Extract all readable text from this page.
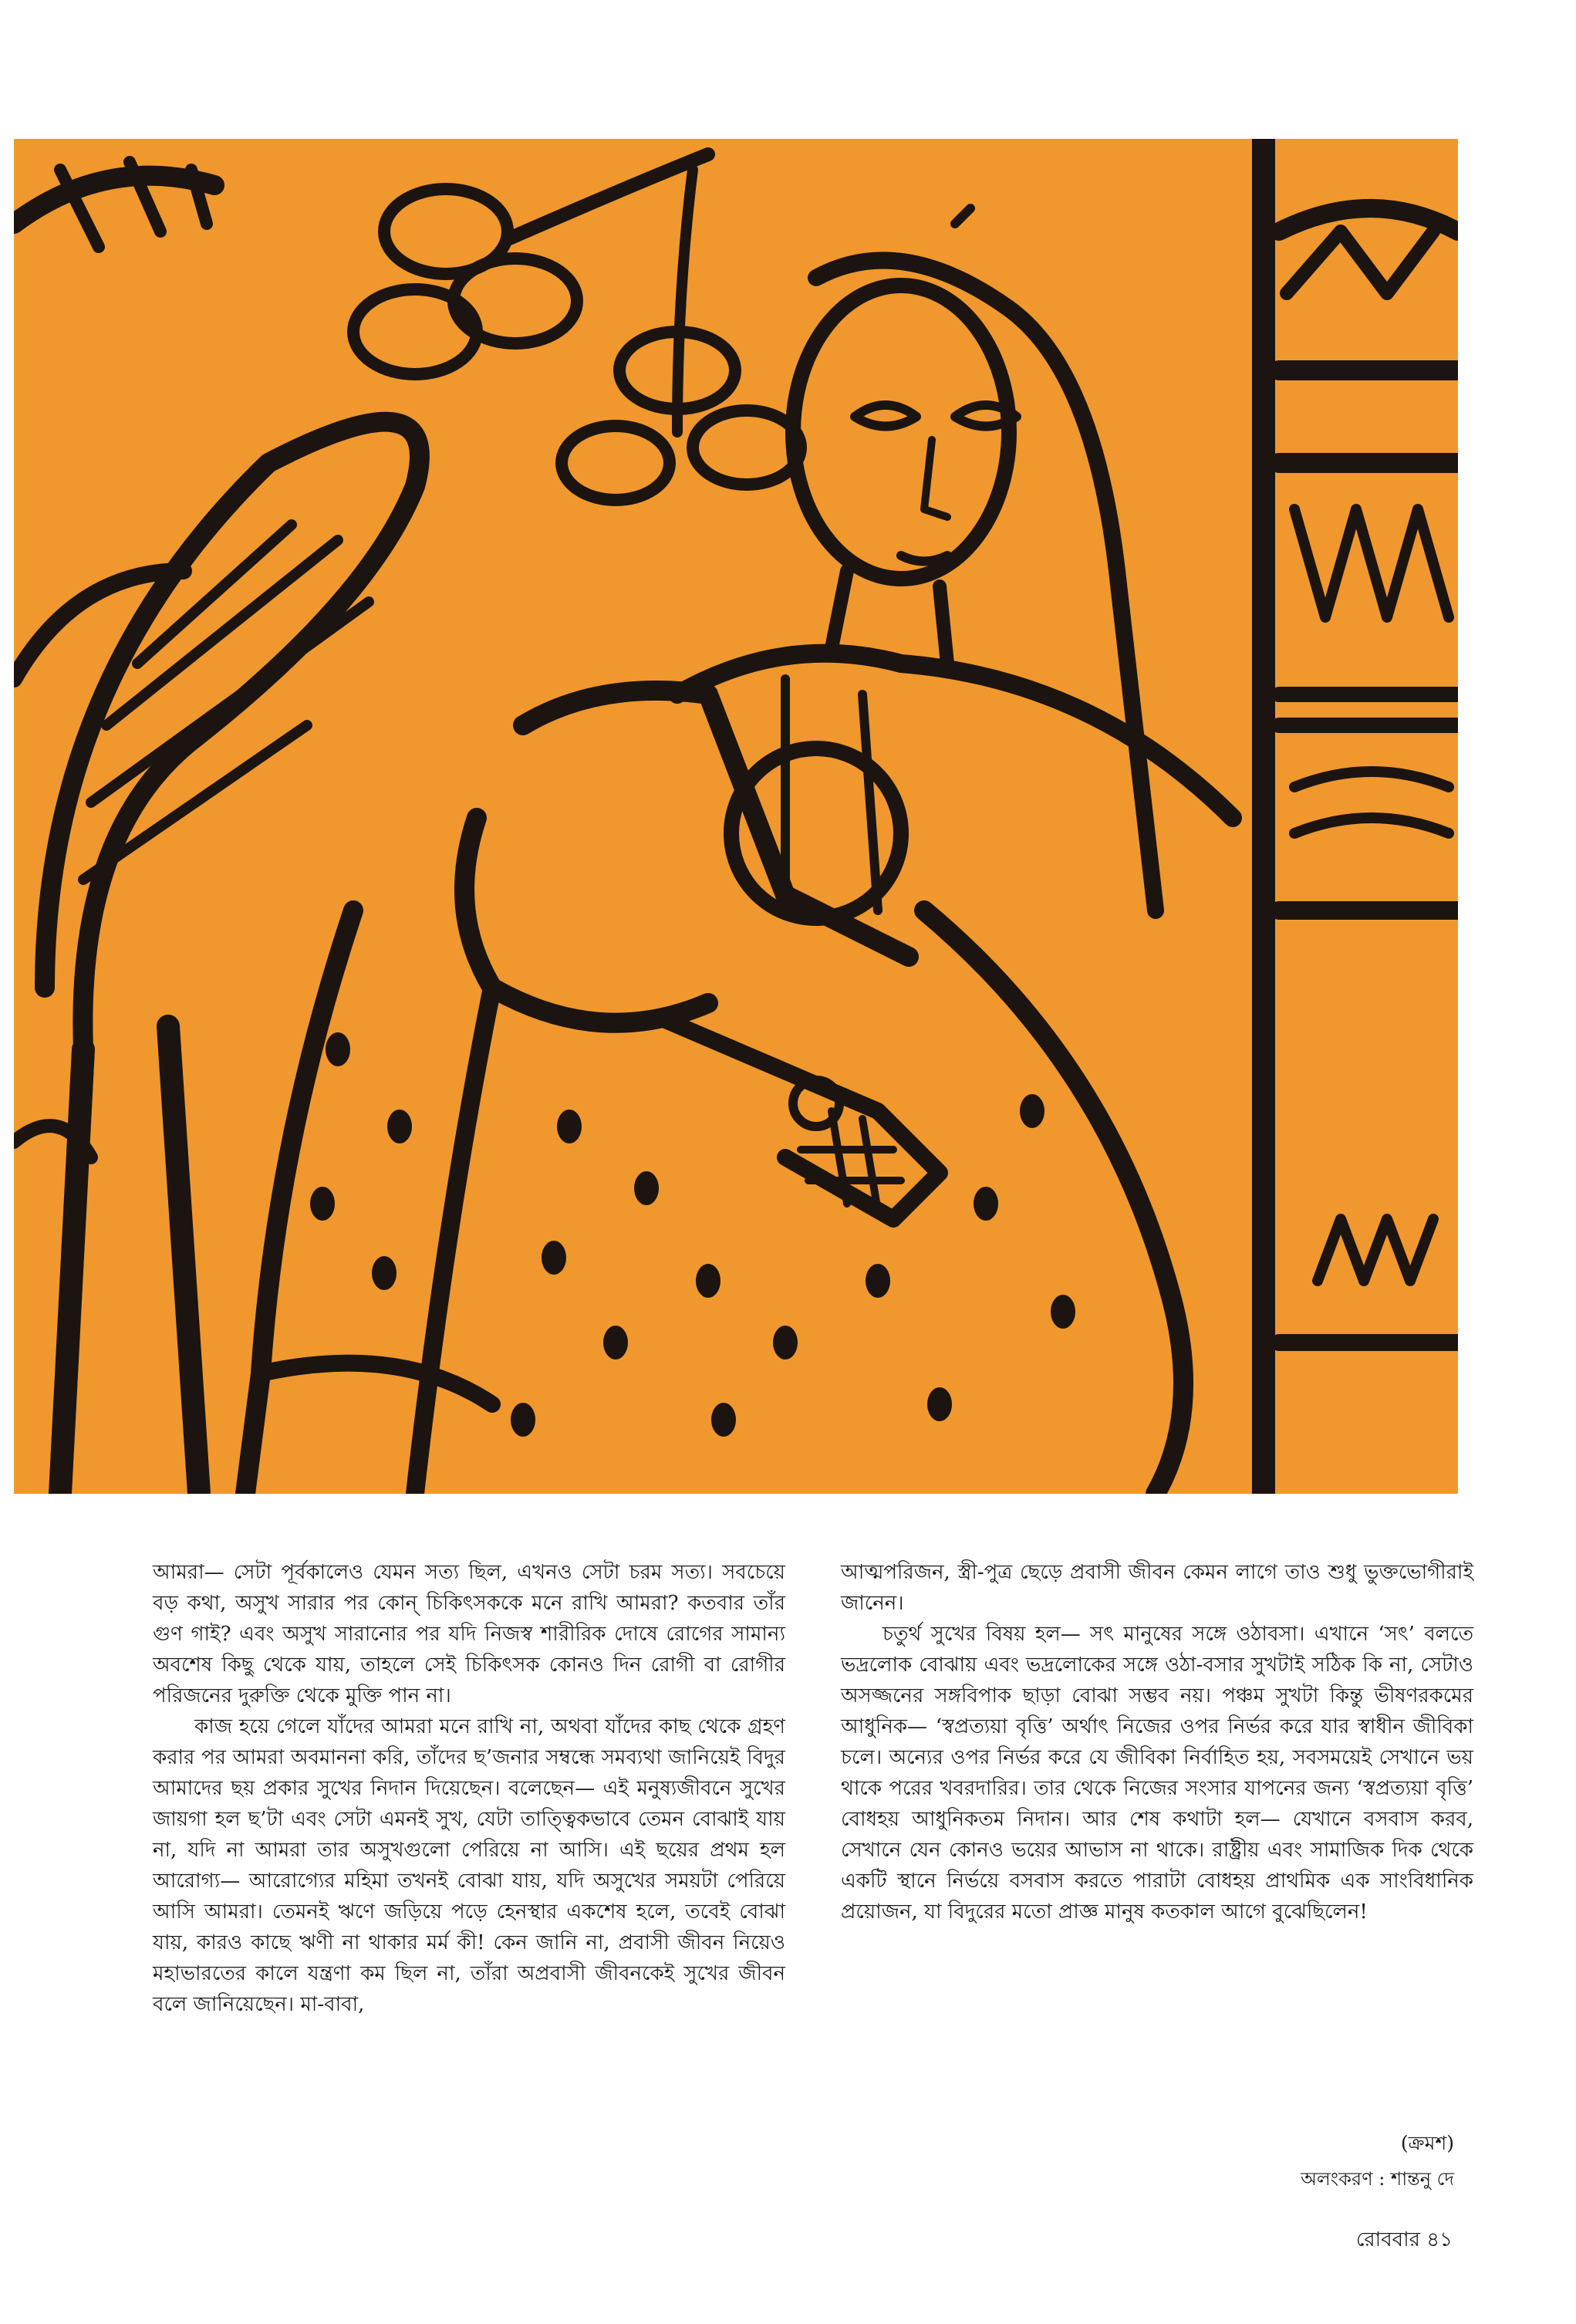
আমরা— সেটা পূর্বকালেও যেমন সত্য ছিল, এখনও সেটা চরম সত্য। সবচেয়ে বড় কথা, অসুখ সারার পর কোন্ চিকিৎসককে মনে রাখি আমরা? কতবার তাঁর গুণ গাই? এবং অসুখ সারানোর পর যদি নিজস্ব শারীরিক দোষে রোগের সামান্য অবশেষ কিছু থেকে যায়, তাহলে সেই চিকিৎসক কোনও দিন রোগী বা রোগীর পরিজনের দুরুক্তি থেকে মুক্তি পান না।

কাজ হয়ে গেলে যাঁদের আমরা মনে রাখি না, অথবা যাঁদের কাছ থেকে গ্রহণ করার পর আমরা অবমাননা করি, তাঁদের ছ’জনার সম্বন্ধে সমব্যথা জানিয়েই বিদুর আমাদের ছয় প্রকার সুখের নিদান দিয়েছেন। বলেছেন— এই মনুষ্যজীবনে সুখের জায়গা হল ছ’টা এবং সেটা এমনই সুখ, যেটা তাত্ত্বিকভাবে তেমন বোঝাই যায় না, যদি না আমরা তার অসুখগুলো পেরিয়ে না আসি। এই ছয়ের প্রথম হল আরোগ্য— আরোগ্যের মহিমা তখনই বোঝা যায়, যদি অসুখের সময়টা পেরিয়ে আসি আমরা। তেমনই ঋণে জড়িয়ে পড়ে হেনস্থার একশেষ হলে, তবেই বোঝা যায়, কারও কাছে ঋণী না থাকার মর্ম কী! কেন জানি না, প্রবাসী জীবন নিয়েও মহাভারতের কালে যন্ত্রণা কম ছিল না, তাঁরা অপ্রবাসী জীবনকেই সুখের জীবন বলে জানিয়েছেন। মা-বাবা,

আত্মপরিজন, স্ত্রী-পুত্র ছেড়ে প্রবাসী জীবন কেমন লাগে তাও শুধু ভুক্তভোগীরাই জানেন।

চতুর্থ সুখের বিষয় হল— সৎ মানুষের সঙ্গে ওঠাবসা। এখানে ‘সৎ’ বলতে ভদ্রলোক বোঝায় এবং ভদ্রলোকের সঙ্গে ওঠা-বসার সুখটাই সঠিক কি না, সেটাও অসজ্জনের সঙ্গবিপাক ছাড়া বোঝা সম্ভব নয়। পঞ্চম সুখটা কিন্তু ভীষণরকমের আধুনিক— ‘স্বপ্রত্যয়া বৃত্তি’ অর্থাৎ নিজের ওপর নির্ভর করে যার স্বাধীন জীবিকা চলে। অন্যের ওপর নির্ভর করে যে জীবিকা নির্বাহিত হয়, সবসময়েই সেখানে ভয় থাকে পরের খবরদারির। তার থেকে নিজের সংসার যাপনের জন্য ‘স্বপ্রত্যয়া বৃত্তি’ বোধহয় আধুনিকতম নিদান। আর শেষ কথাটা হল— যেখানে বসবাস করব, সেখানে যেন কোনও ভয়ের আভাস না থাকে। রাষ্ট্রীয় এবং সামাজিক দিক থেকে একটি স্থানে নির্ভয়ে বসবাস করতে পারাটা বোধহয় প্রাথমিক এক সাংবিধানিক প্রয়োজন, যা বিদুরের মতো প্রাজ্ঞ মানুষ কতকাল আগে বুঝেছিলেন!

(ক্রমশ)
অলংকরণ : শান্তনু দে
রোববার ৪১
